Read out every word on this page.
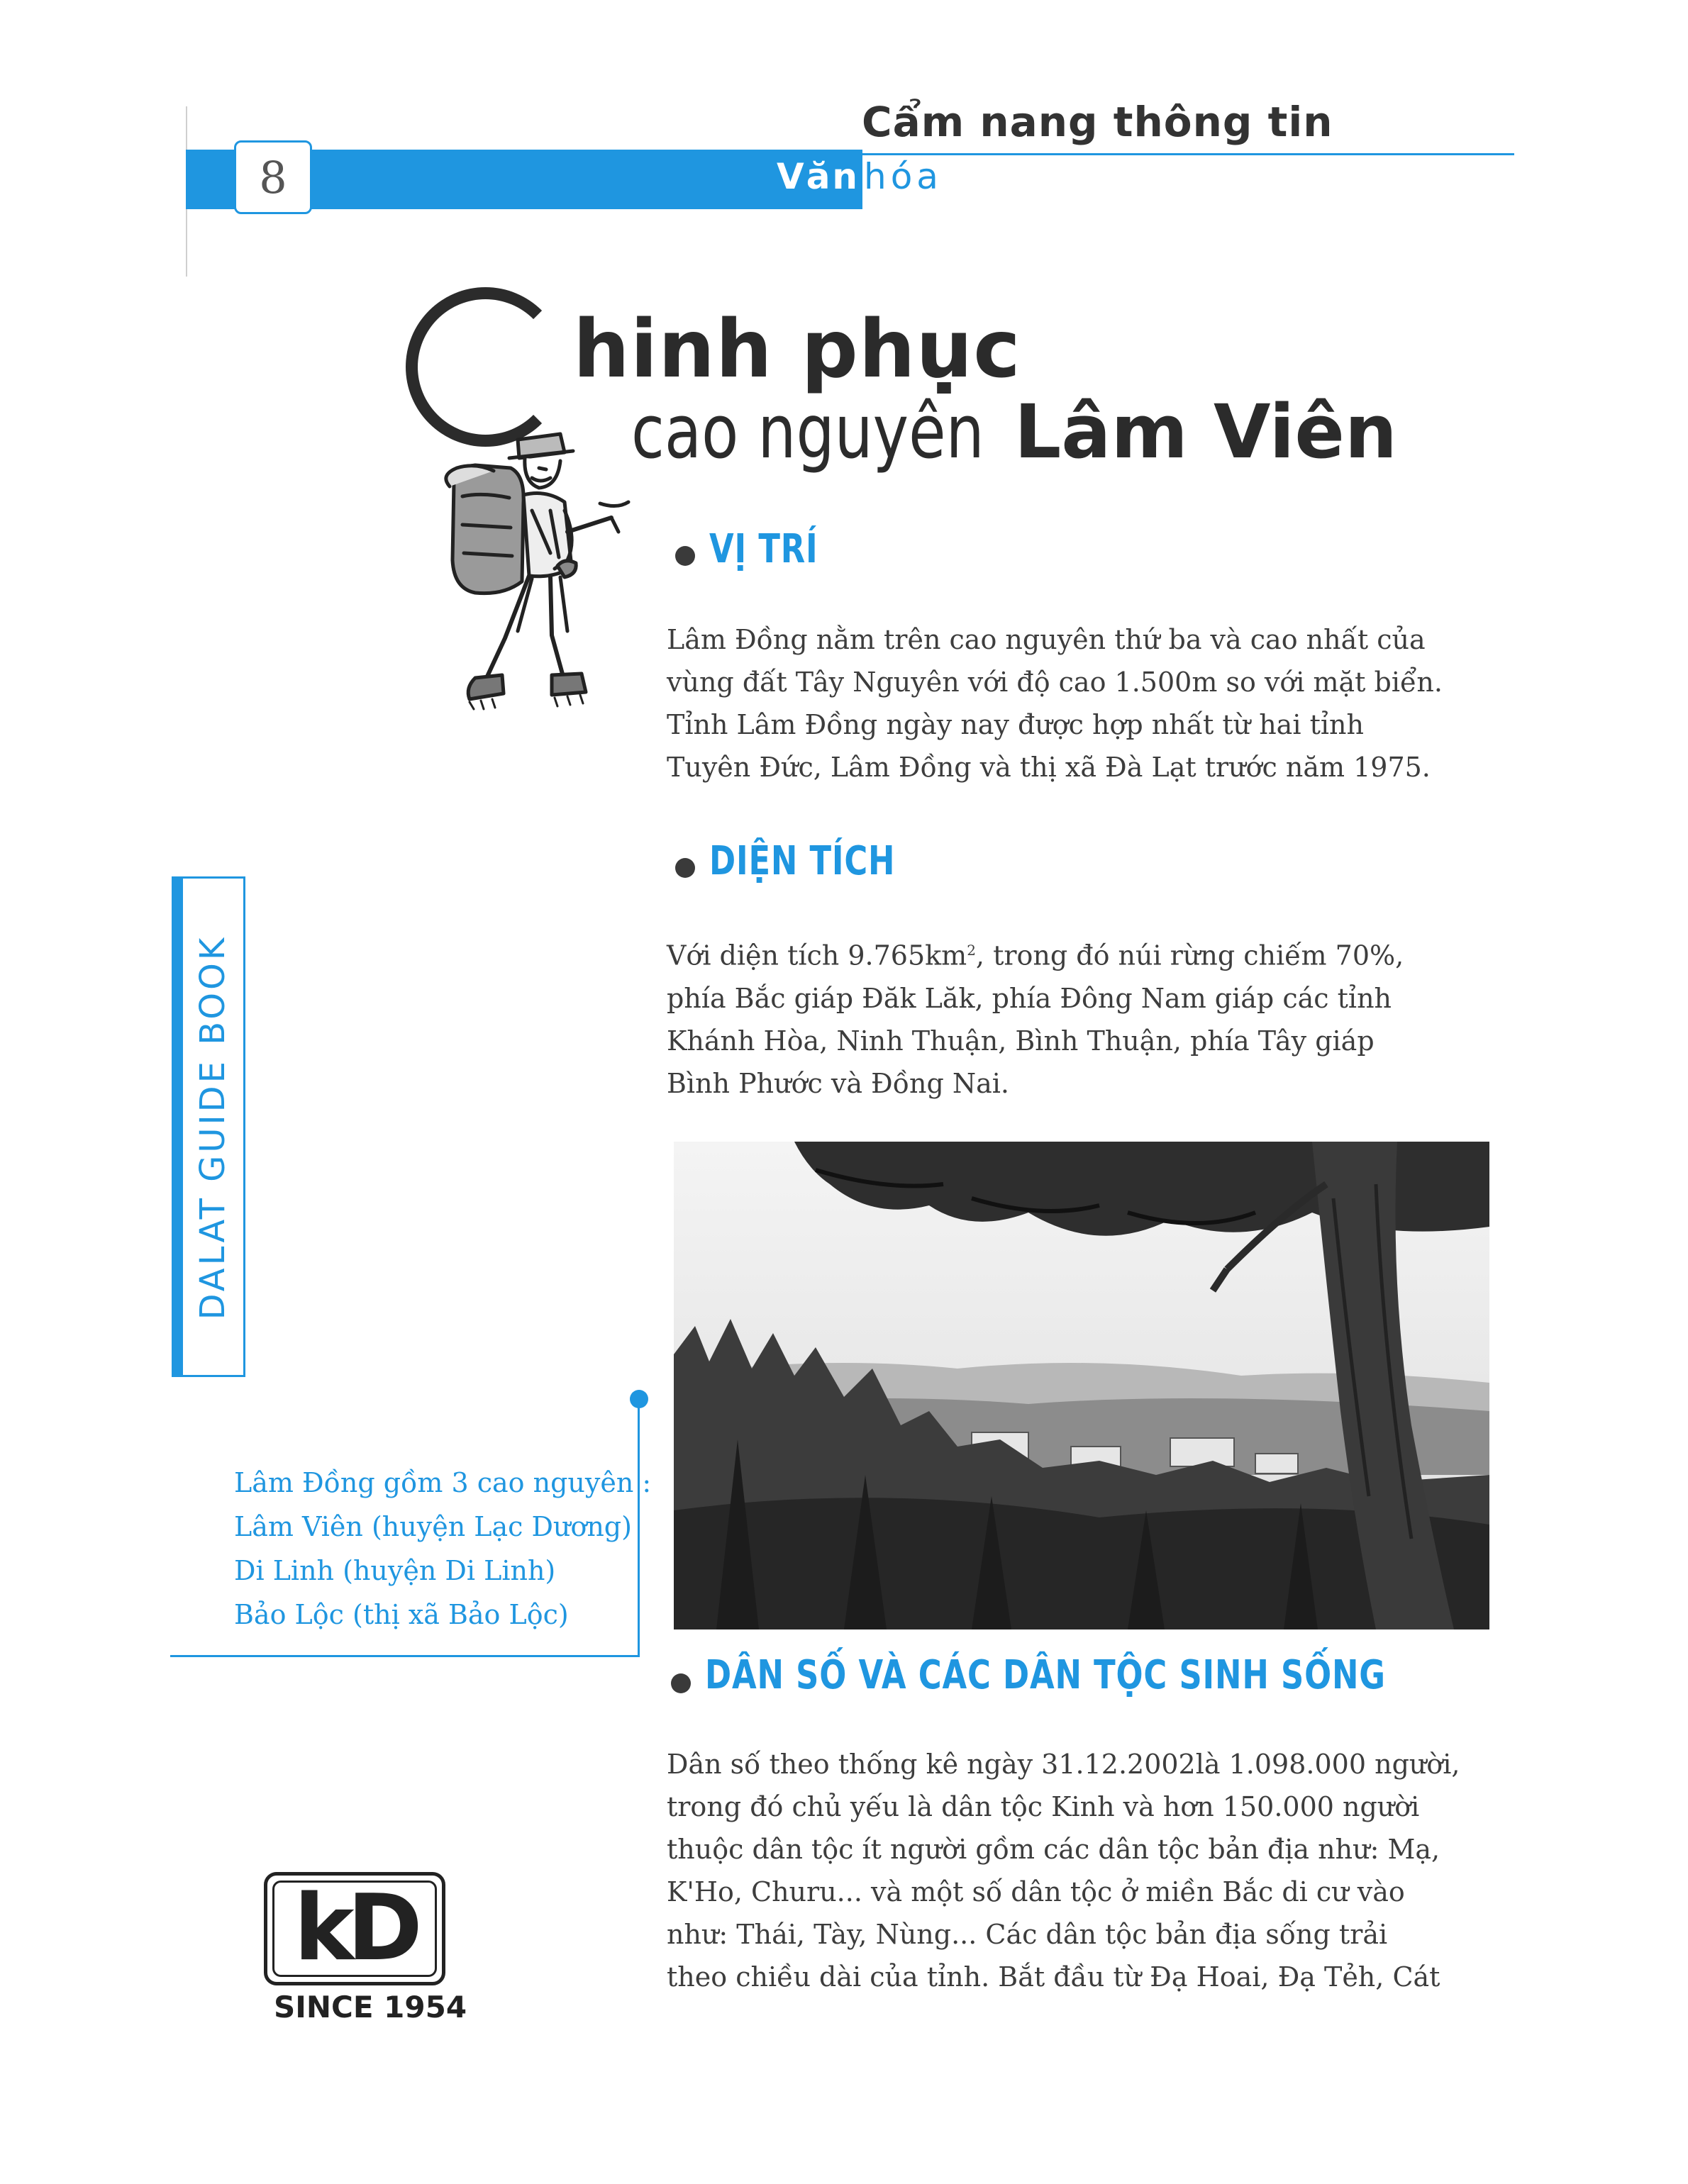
Cẩm nang thông tin
8	Văn hóa
hinh phục
cao nguyên Lâm Viên
VỊ TRÍ
Lâm Đồng nằm trên cao nguyên thứ ba và cao nhất của
vùng đất Tây Nguyên với độ cao 1.500m so với mặt biển.
Tỉnh Lâm Đồng ngày nay được hợp nhất từ hai tỉnh
Tuyên Đức, Lâm Đồng và thị xã Đà Lạt trước năm 1975.
DIỆN TÍCH
Với diện tích $9.765km^2$, trong đó núi rừng chiếm 70%,
phía Bắc giáp Đăk Lăk, phía Đông Nam giáp các tỉnh
Khánh Hòa, Ninh Thuận, Bình Thuận, phía Tây giáp
Bình Phước và Đồng Nai.
DALAT GUIDE BOOK
Lâm Đồng gồm 3 cao nguyên :
Lâm Viên (huyện Lạc Dương)
Di Linh (huyện Di Linh)
Bảo Lộc (thị xã Bảo Lộc)
DÂN SỐ VÀ CÁC DÂN TỘC SINH SỐNG
Dân số theo thống kê ngày 31.12.2002là 1.098.000 người,
trong đó chủ yếu là dân tộc Kinh và hơn 150.000 người
thuộc dân tộc ít người gồm các dân tộc bản địa như: Mạ,
K'Ho, Churu... và một số dân tộc ở miền Bắc di cư vào
như: Thái, Tày, Nùng... Các dân tộc bản địa sống trải
theo chiều dài của tỉnh. Bắt đầu từ Đạ Hoai, Đạ Tẻh, Cát
kD
SINCE 1954
